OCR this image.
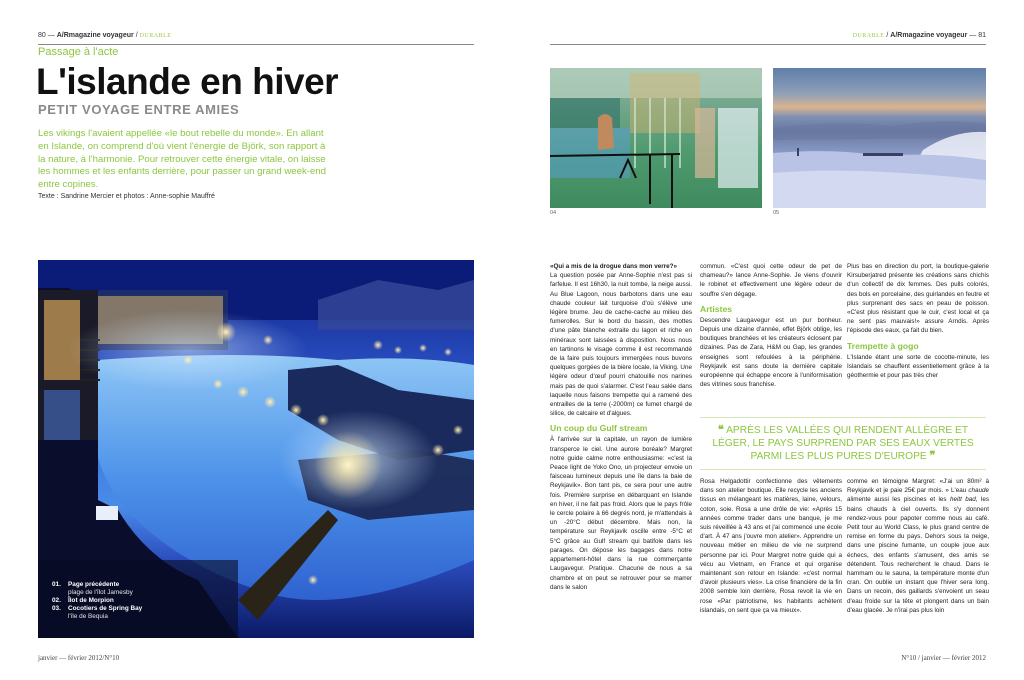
80 — A/Rmagazine voyageur / DURABLE
Passage à l'acte
L'islande en hiver
PETIT VOYAGE ENTRE AMIES

Les vikings l'avaient appellée «le bout rebelle du monde». En allant en Islande, on comprend d'où vient l'énergie de Björk, son rapport à la nature, à l'harmonie. Pour retrouver cette énergie vitale, on laisse les hommes et les enfants derrière, pour passer un grand week-end entre copines.

Texte : Sandrine Mercier et photos : Anne-sophie Mauffré
01.	Page précédente
plage de l'îlot Jamesby
02.	Îlot de Morpion
03.	Cocotiers de Spring Bay
l'île de Bequia
janvier — février 2012/N°10
DURABLE / A/Rmagazine voyageur — 81
04	05

«Qui a mis de la drogue dans mon verre?»

La question posée par Anne-Sophie n'est pas si farfelue. Il est 16h30, la nuit tombe, la neige aussi. Au Blue Lagoon, nous barbotons dans une eau chaude couleur lait turquoise d'où s'élève une légère brume. Jeu de cache-cache au milieu des fumerolles. Sur le bord du bassin, des mottes d'une pâte blanche extraite du lagon et riche en minéraux sont laissées à disposition. Nous nous en tartinons le visage comme il est recommandé de la faire puis toujours immergées nous buvons quelques gorgées de la bière locale, la Viking. Une légère odeur d'œuf pourri chatouille nos narines mais pas de quoi s'alarmer. C'est l'eau salée dans laquelle nous faisons trempette qui a ramené des entrailles de la terre (-2000m) ce fumet chargé de silice, de calcaire et d'algues.

Un coup du Gulf stream

À l'arrivée sur la capitale, un rayon de lumière transperce le ciel. Une aurore boréale? Margret notre guide calme notre enthousiasme: «c'est la Peace light de Yoko Ono, un projecteur envoie un faisceau lumineux depuis une île dans la baie de Reykjavik». Bon tant pis, ce sera pour une autre fois. Première surprise en débarquant en Islande en hiver, il ne fait pas froid. Alors que le pays frôle le cercle polaire à 66 degrés nord, je m'attendais à un -20°C début décembre. Mais non, la température sur Reykjavik oscille entre -5°C et 5°C grâce au Gulf stream qui batifole dans les parages. On dépose les bagages dans notre appartement-hôtel dans la rue commerçante Laugavegur. Pratique. Chacune de nous a sa chambre et on peut se retrouver pour se marrer dans le salon

commun. «C'est quoi cette odeur de pet de chameau?» lance Anne-Sophie. Je viens d'ouvrir le robinet et effectivement une légère odeur de souffre s'en dégage.

Artistes

Descendre Laugavegur est un pur bonheur. Depuis une dizaine d'année, effet Björk oblige, les boutiques branchées et les créateurs éclosent par dizaines. Pas de Zara, H&M ou Gap, les grandes enseignes sont refoulées à la périphérie. Reykjavik est sans doute la dernière capitale européenne qui échappe encore à l'uniformisation des vitrines sous franchise.

Plus bas en direction du port, la boutique-galerie Kirsuberjatred présente les créations sans chichis d'un collectif de dix femmes. Des pulls colorés, des bols en porcelaine, des guirlandes en feutre et plus surprenant des sacs en peau de poisson. «C'est plus résistant que le cuir, c'est local et ça ne sent pas mauvais!» assure Arndis. Après l'épisode des eaux, ça fait du bien.

Trempette à gogo

L'Islande étant une sorte de cocotte-minute, les Islandais se chauffent essentiellement grâce à la géothermie et pour pas très cher

❝ APRÈS LES VALLÉES QUI RENDENT ALLÈGRE ET LÉGER, LE PAYS SURPREND PAR SES EAUX VERTES PARMI LES PLUS PURES D'EUROPE ❞

Rosa Helgadottir confectionne des vêtements dans son atelier boutique. Elle recycle les anciens tissus en mélangeant les matières, laine, velours, coton, soie. Rosa a une drôle de vie: «Après 15 années comme trader dans une banque, je me suis réveillée à 43 ans et j'ai commencé une école d'art. À 47 ans j'ouvre mon atelier». Apprendre un nouveau métier en milieu de vie ne surprend personne par ici. Pour Margret notre guide qui a vécu au Vietnam, en France et qui organise maintenant son retour en Islande: «c'est normal d'avoir plusieurs vies». La crise financière de la fin 2008 semble loin derrière, Rosa revoit la vie en rose «Par patriotisme, les habitants achètent islandais, on sent que ça va mieux».

comme en témoigne Margret: «J'ai un 80m² à Reykjavik et je paie 25€ par mois. » L'eau chaude alimente aussi les piscines et les heitt bad, les bains chauds à ciel ouverts. Ils s'y donnent rendez-vous pour papoter comme nous au café. Petit tour au World Class, le plus grand centre de remise en forme du pays. Dehors sous la neige, dans une piscine fumante, un couple joue aux échecs, des enfants s'amusent, des amis se détendent. Tous recherchent le chaud. Dans le hammam ou le sauna, la température monte d'un cran. On oublie un instant que l'hiver sera long. Dans un recoin, des gaillards s'envoient un seau d'eau froide sur la tête et plongent dans un bain d'eau glacée. Je n'irai pas plus loin

N°10 / janvier — février 2012
